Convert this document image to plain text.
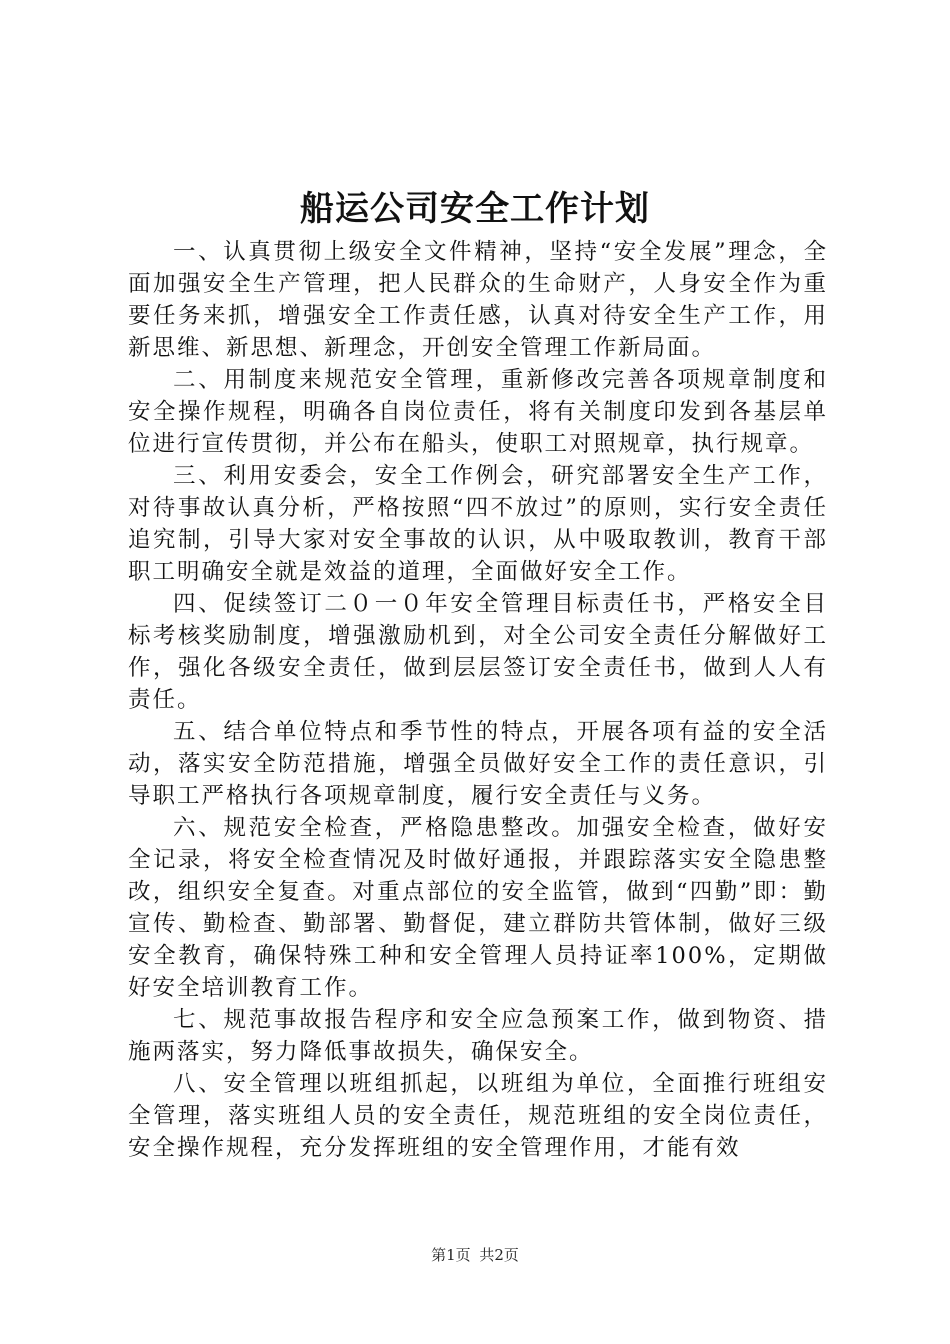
船运公司安全工作计划

一、认真贯彻上级安全文件精神，坚持“安全发展”理念，全面加强安全生产管理，把人民群众的生命财产，人身安全作为重要任务来抓，增强安全工作责任感，认真对待安全生产工作，用新思维、新思想、新理念，开创安全管理工作新局面。

二、用制度来规范安全管理，重新修改完善各项规章制度和安全操作规程，明确各自岗位责任，将有关制度印发到各基层单位进行宣传贯彻，并公布在船头，使职工对照规章，执行规章。

三、利用安委会，安全工作例会，研究部署安全生产工作，对待事故认真分析，严格按照“四不放过”的原则，实行安全责任追究制，引导大家对安全事故的认识，从中吸取教训，教育干部职工明确安全就是效益的道理，全面做好安全工作。

四、促续签订二０一０年安全管理目标责任书，严格安全目标考核奖励制度，增强激励机到，对全公司安全责任分解做好工作，强化各级安全责任，做到层层签订安全责任书，做到人人有责任。

五、结合单位特点和季节性的特点，开展各项有益的安全活动，落实安全防范措施，增强全员做好安全工作的责任意识，引导职工严格执行各项规章制度，履行安全责任与义务。

六、规范安全检查，严格隐患整改。加强安全检查，做好安全记录，将安全检查情况及时做好通报，并跟踪落实安全隐患整改，组织安全复查。对重点部位的安全监管，做到“四勤”即：勤宣传、勤检查、勤部署、勤督促，建立群防共管体制，做好三级安全教育，确保特殊工种和安全管理人员持证率100%，定期做好安全培训教育工作。

七、规范事故报告程序和安全应急预案工作，做到物资、措施两落实，努力降低事故损失，确保安全。

八、安全管理以班组抓起，以班组为单位，全面推行班组安全管理，落实班组人员的安全责任，规范班组的安全岗位责任，安全操作规程，充分发挥班组的安全管理作用，才能有效

第1页 共2页
